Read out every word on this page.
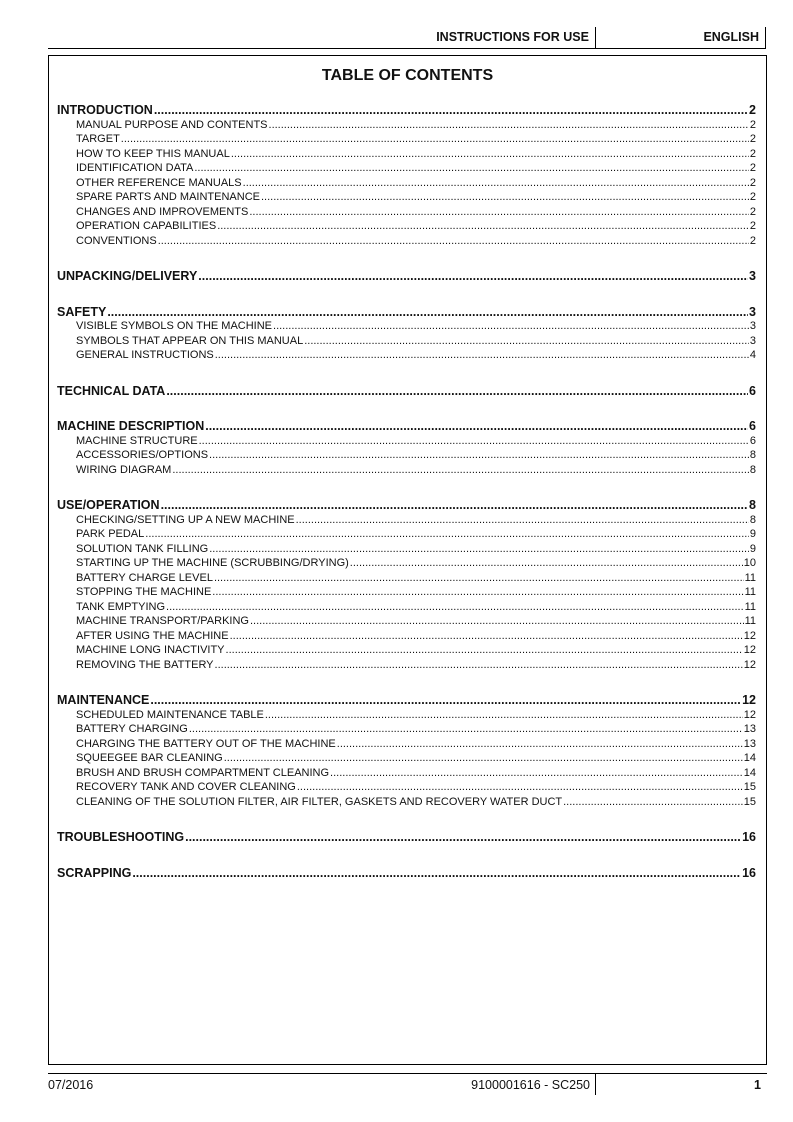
INSTRUCTIONS FOR USE	ENGLISH
TABLE OF CONTENTS
INTRODUCTION .....	2
MANUAL PURPOSE AND CONTENTS .....	2
TARGET .....	2
HOW TO KEEP THIS MANUAL .....	2
IDENTIFICATION DATA .....	2
OTHER REFERENCE MANUALS .....	2
SPARE PARTS AND MAINTENANCE .....	2
CHANGES AND IMPROVEMENTS .....	2
OPERATION CAPABILITIES .....	2
CONVENTIONS .....	2
UNPACKING/DELIVERY .....	3
SAFETY .....	3
VISIBLE SYMBOLS ON THE MACHINE .....	3
SYMBOLS THAT APPEAR ON THIS MANUAL .....	3
GENERAL INSTRUCTIONS .....	4
TECHNICAL DATA .....	6
MACHINE DESCRIPTION .....	6
MACHINE STRUCTURE .....	6
ACCESSORIES/OPTIONS .....	8
WIRING DIAGRAM .....	8
USE/OPERATION .....	8
CHECKING/SETTING UP A NEW MACHINE .....	8
PARK PEDAL .....	9
SOLUTION TANK FILLING .....	9
STARTING UP THE MACHINE (SCRUBBING/DRYING) .....	10
BATTERY CHARGE LEVEL .....	11
STOPPING THE MACHINE .....	11
TANK EMPTYING .....	11
MACHINE TRANSPORT/PARKING .....	11
AFTER USING THE MACHINE .....	12
MACHINE LONG INACTIVITY .....	12
REMOVING THE BATTERY .....	12
MAINTENANCE .....	12
SCHEDULED MAINTENANCE TABLE .....	12
BATTERY CHARGING .....	13
CHARGING THE BATTERY OUT OF THE MACHINE .....	13
SQUEEGEE BAR CLEANING .....	14
BRUSH AND BRUSH COMPARTMENT CLEANING .....	14
RECOVERY TANK AND COVER CLEANING .....	15
CLEANING OF THE SOLUTION FILTER, AIR FILTER, GASKETS AND RECOVERY WATER DUCT .....	15
TROUBLESHOOTING .....	16
SCRAPPING .....	16
07/2016	9100001616 - SC250	1
